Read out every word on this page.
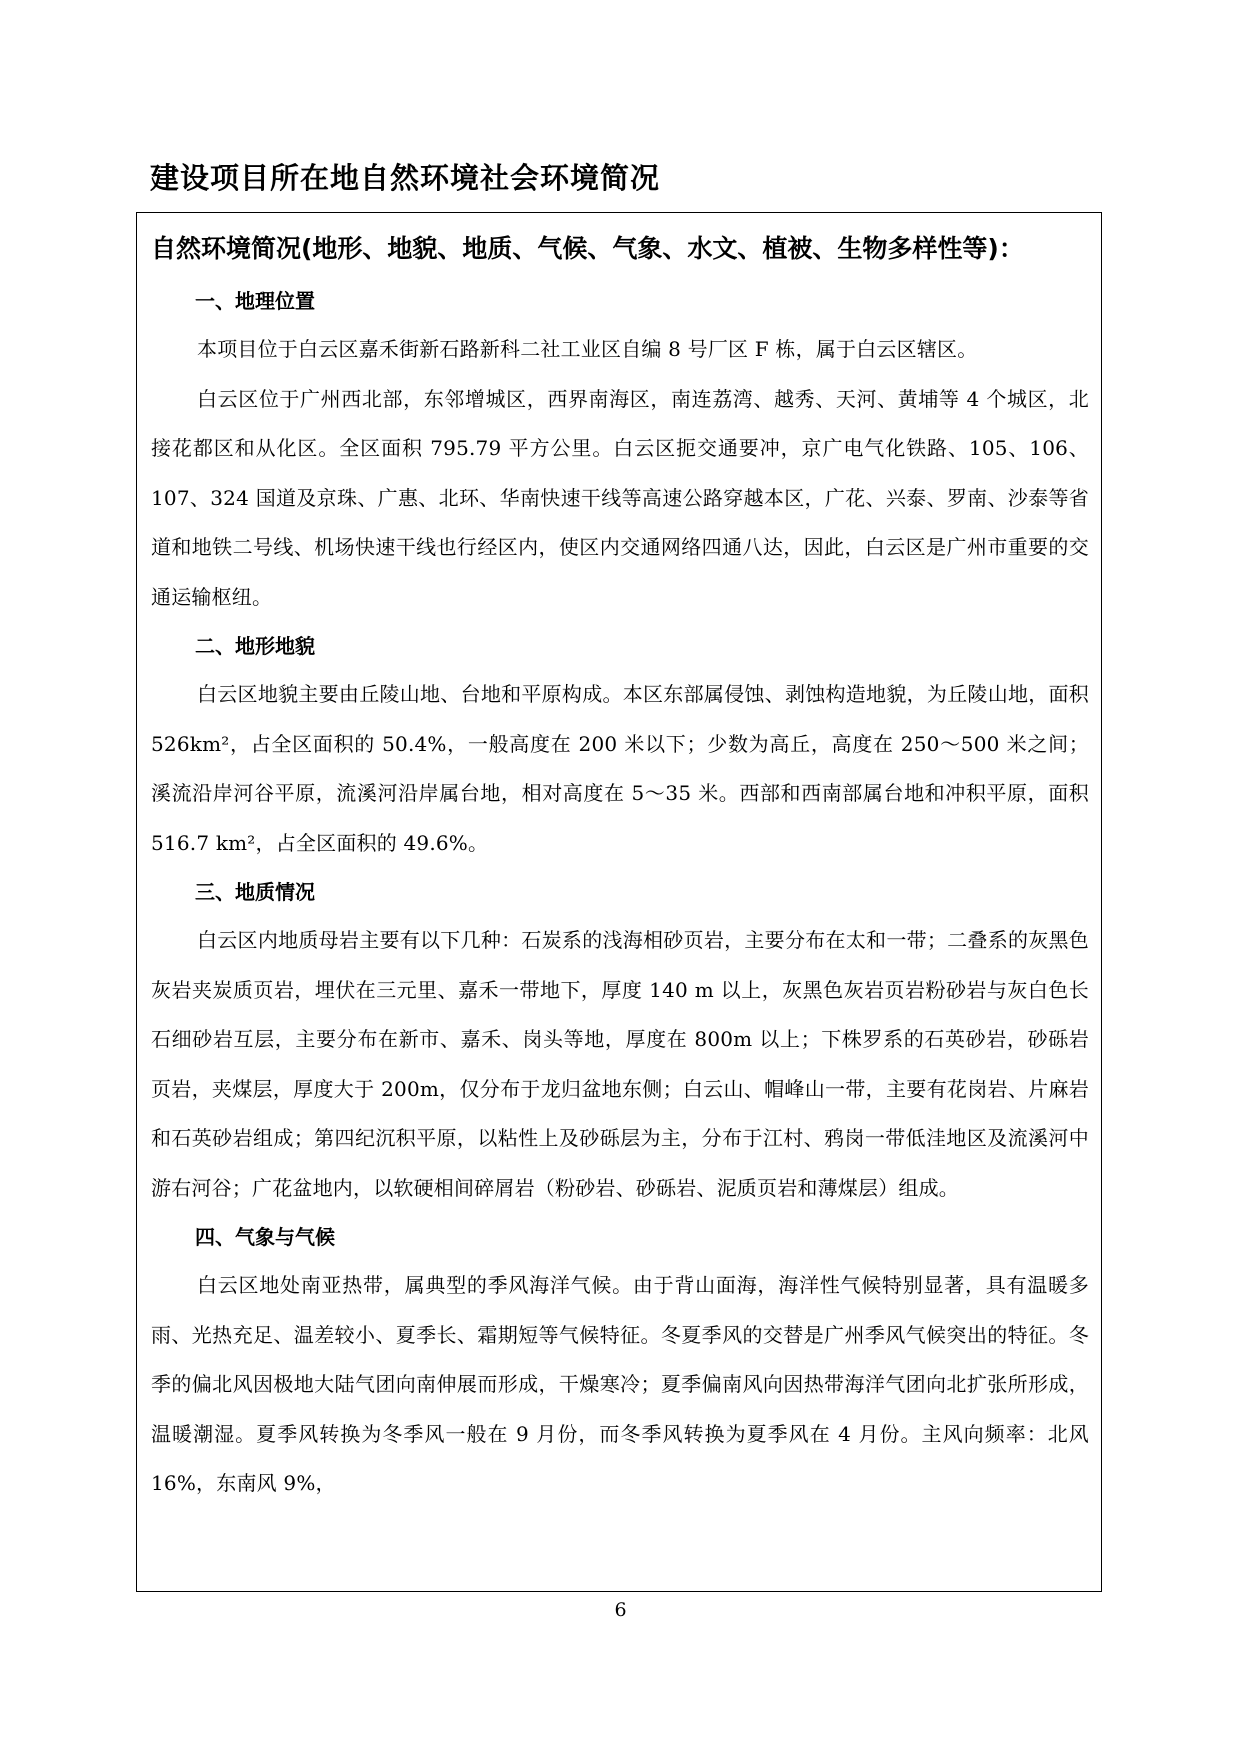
建设项目所在地自然环境社会环境简况
自然环境简况(地形、地貌、地质、气候、气象、水文、植被、生物多样性等)：
一、地理位置

本项目位于白云区嘉禾街新石路新科二社工业区自编 8 号厂区 F 栋，属于白云区辖区。

白云区位于广州西北部，东邻增城区，西界南海区，南连荔湾、越秀、天河、黄埔等 4 个城区，北接花都区和从化区。全区面积 795.79 平方公里。白云区扼交通要冲，京广电气化铁路、105、106、107、324 国道及京珠、广惠、北环、华南快速干线等高速公路穿越本区，广花、兴泰、罗南、沙泰等省道和地铁二号线、机场快速干线也行经区内，使区内交通网络四通八达，因此，白云区是广州市重要的交通运输枢纽。

二、地形地貌

白云区地貌主要由丘陵山地、台地和平原构成。本区东部属侵蚀、剥蚀构造地貌，为丘陵山地，面积 526km²，占全区面积的 50.4%，一般高度在 200 米以下；少数为高丘，高度在 250～500 米之间；溪流沿岸河谷平原，流溪河沿岸属台地，相对高度在 5～35 米。西部和西南部属台地和冲积平原，面积 516.7 km²，占全区面积的 49.6%。

三、地质情况

白云区内地质母岩主要有以下几种：石炭系的浅海相砂页岩，主要分布在太和一带；二叠系的灰黑色灰岩夹炭质页岩，埋伏在三元里、嘉禾一带地下，厚度 140 m 以上，灰黑色灰岩页岩粉砂岩与灰白色长石细砂岩互层，主要分布在新市、嘉禾、岗头等地，厚度在 800m 以上；下株罗系的石英砂岩，砂砾岩页岩，夹煤层，厚度大于 200m，仅分布于龙归盆地东侧；白云山、帽峰山一带，主要有花岗岩、片麻岩和石英砂岩组成；第四纪沉积平原，以粘性上及砂砾层为主，分布于江村、鸦岗一带低洼地区及流溪河中游右河谷；广花盆地内，以软硬相间碎屑岩（粉砂岩、砂砾岩、泥质页岩和薄煤层）组成。

四、气象与气候

白云区地处南亚热带，属典型的季风海洋气候。由于背山面海，海洋性气候特别显著，具有温暖多雨、光热充足、温差较小、夏季长、霜期短等气候特征。冬夏季风的交替是广州季风气候突出的特征。冬季的偏北风因极地大陆气团向南伸展而形成，干燥寒冷；夏季偏南风向因热带海洋气团向北扩张所形成，温暖潮湿。夏季风转换为冬季风一般在 9 月份，而冬季风转换为夏季风在 4 月份。主风向频率：北风 16%，东南风 9%，

6
